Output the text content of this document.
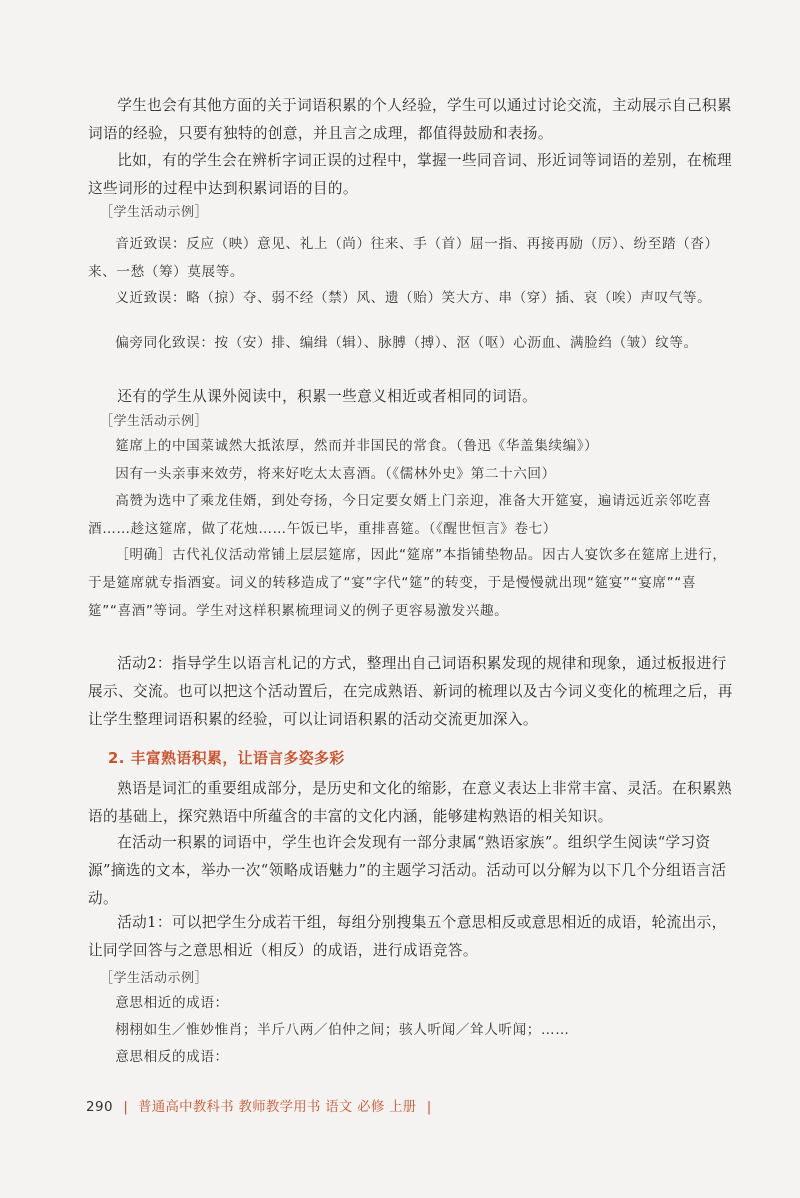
学生也会有其他方面的关于词语积累的个人经验，学生可以通过讨论交流，主动展示自己积累词语的经验，只要有独特的创意，并且言之成理，都值得鼓励和表扬。

比如，有的学生会在辨析字词正误的过程中，掌握一些同音词、形近词等词语的差别，在梳理这些词形的过程中达到积累词语的目的。

［学生活动示例］

音近致误：反应（映）意见、礼上（尚）往来、手（首）屈一指、再接再励（厉）、纷至踏（沓）来、一愁（筹）莫展等。

义近致误：略（掠）夺、弱不经（禁）风、遗（贻）笑大方、串（穿）插、哀（唉）声叹气等。

偏旁同化致误：按（安）排、编缉（辑）、脉膊（搏）、沤（呕）心沥血、满脸绉（皱）纹等。

还有的学生从课外阅读中，积累一些意义相近或者相同的词语。

［学生活动示例］

筵席上的中国菜诚然大抵浓厚，然而并非国民的常食。（鲁迅《华盖集续编》）

因有一头亲事来效劳，将来好吃太太喜酒。（《儒林外史》第二十六回）

高赞为选中了乘龙佳婿，到处夸扬，今日定要女婿上门亲迎，准备大开筵宴，遍请远近亲邻吃喜酒……趁这筵席，做了花烛……午饭已毕，重排喜筵。（《醒世恒言》卷七）

［明确］古代礼仪活动常铺上层层筵席，因此“筵席”本指铺垫物品。因古人宴饮多在筵席上进行，于是筵席就专指酒宴。词义的转移造成了“宴”字代“筵”的转变，于是慢慢就出现“筵宴”“宴席”“喜筵”“喜酒”等词。学生对这样积累梳理词义的例子更容易激发兴趣。

活动2：指导学生以语言札记的方式，整理出自己词语积累发现的规律和现象，通过板报进行展示、交流。也可以把这个活动置后，在完成熟语、新词的梳理以及古今词义变化的梳理之后，再让学生整理词语积累的经验，可以让词语积累的活动交流更加深入。

2. 丰富熟语积累，让语言多姿多彩

熟语是词汇的重要组成部分，是历史和文化的缩影，在意义表达上非常丰富、灵活。在积累熟语的基础上，探究熟语中所蕴含的丰富的文化内涵，能够建构熟语的相关知识。

在活动一积累的词语中，学生也许会发现有一部分隶属“熟语家族”。组织学生阅读“学习资源”摘选的文本，举办一次“领略成语魅力”的主题学习活动。活动可以分解为以下几个分组语言活动。

活动1：可以把学生分成若干组，每组分别搜集五个意思相反或意思相近的成语，轮流出示，让同学回答与之意思相近（相反）的成语，进行成语竞答。

［学生活动示例］

意思相近的成语：

栩栩如生／惟妙惟肖；半斤八两／伯仲之间；骇人听闻／耸人听闻；……

意思相反的成语：

290 | 普通高中教科书 教师教学用书 语文 必修 上册 |
